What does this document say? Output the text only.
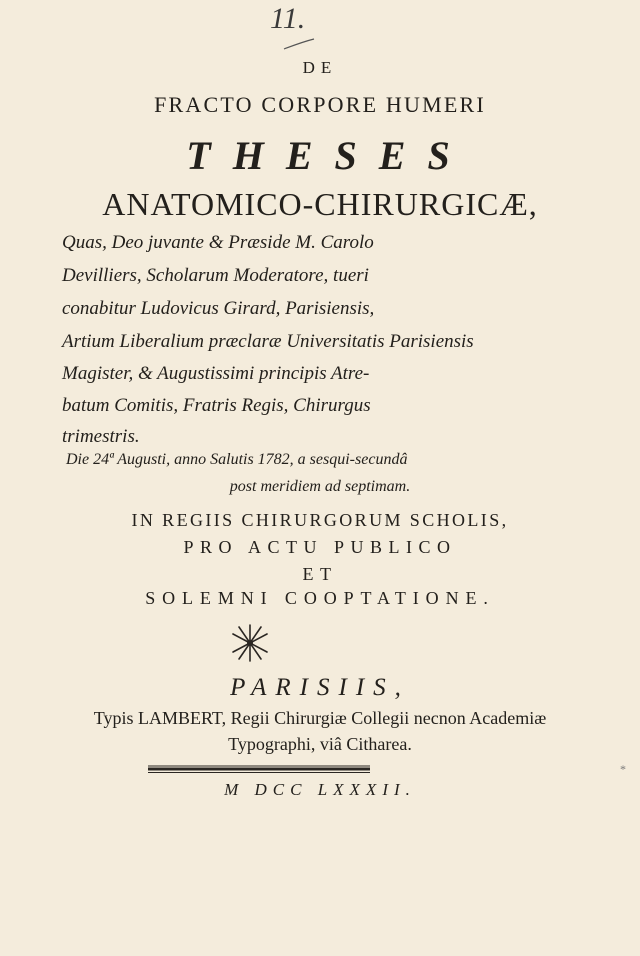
11.
DE
FRACTO CORPORE HUMERI
THESES
ANATOMICO-CHIRURGICÆ,
Quas, Deo juvante & Præside M. Carolo
Devilliers, Scholarum Moderatore, tueri
conabitur Ludovicus Girard, Parisiensis,
Artium Liberalium præclaræ Universitatis Parisiensis
Magister, & Augustissimi principis Atre-
batum Comitis, Fratris Regis, Chirurgus
trimestris.
Die 24ª Augusti, anno Salutis 1782, a sesqui-secundâ
post meridiem ad septimam.
IN REGIIS CHIRURGORUM SCHOLIS,
PRO ACTU PUBLICO
ET
SOLEMNI COOPTATIONE.
PARISIIS,
Typis LAMBERT, Regii Chirurgiæ Collegii necnon Academiæ
Typographi, viâ Citharea.
M DCC LXXXII.
*
